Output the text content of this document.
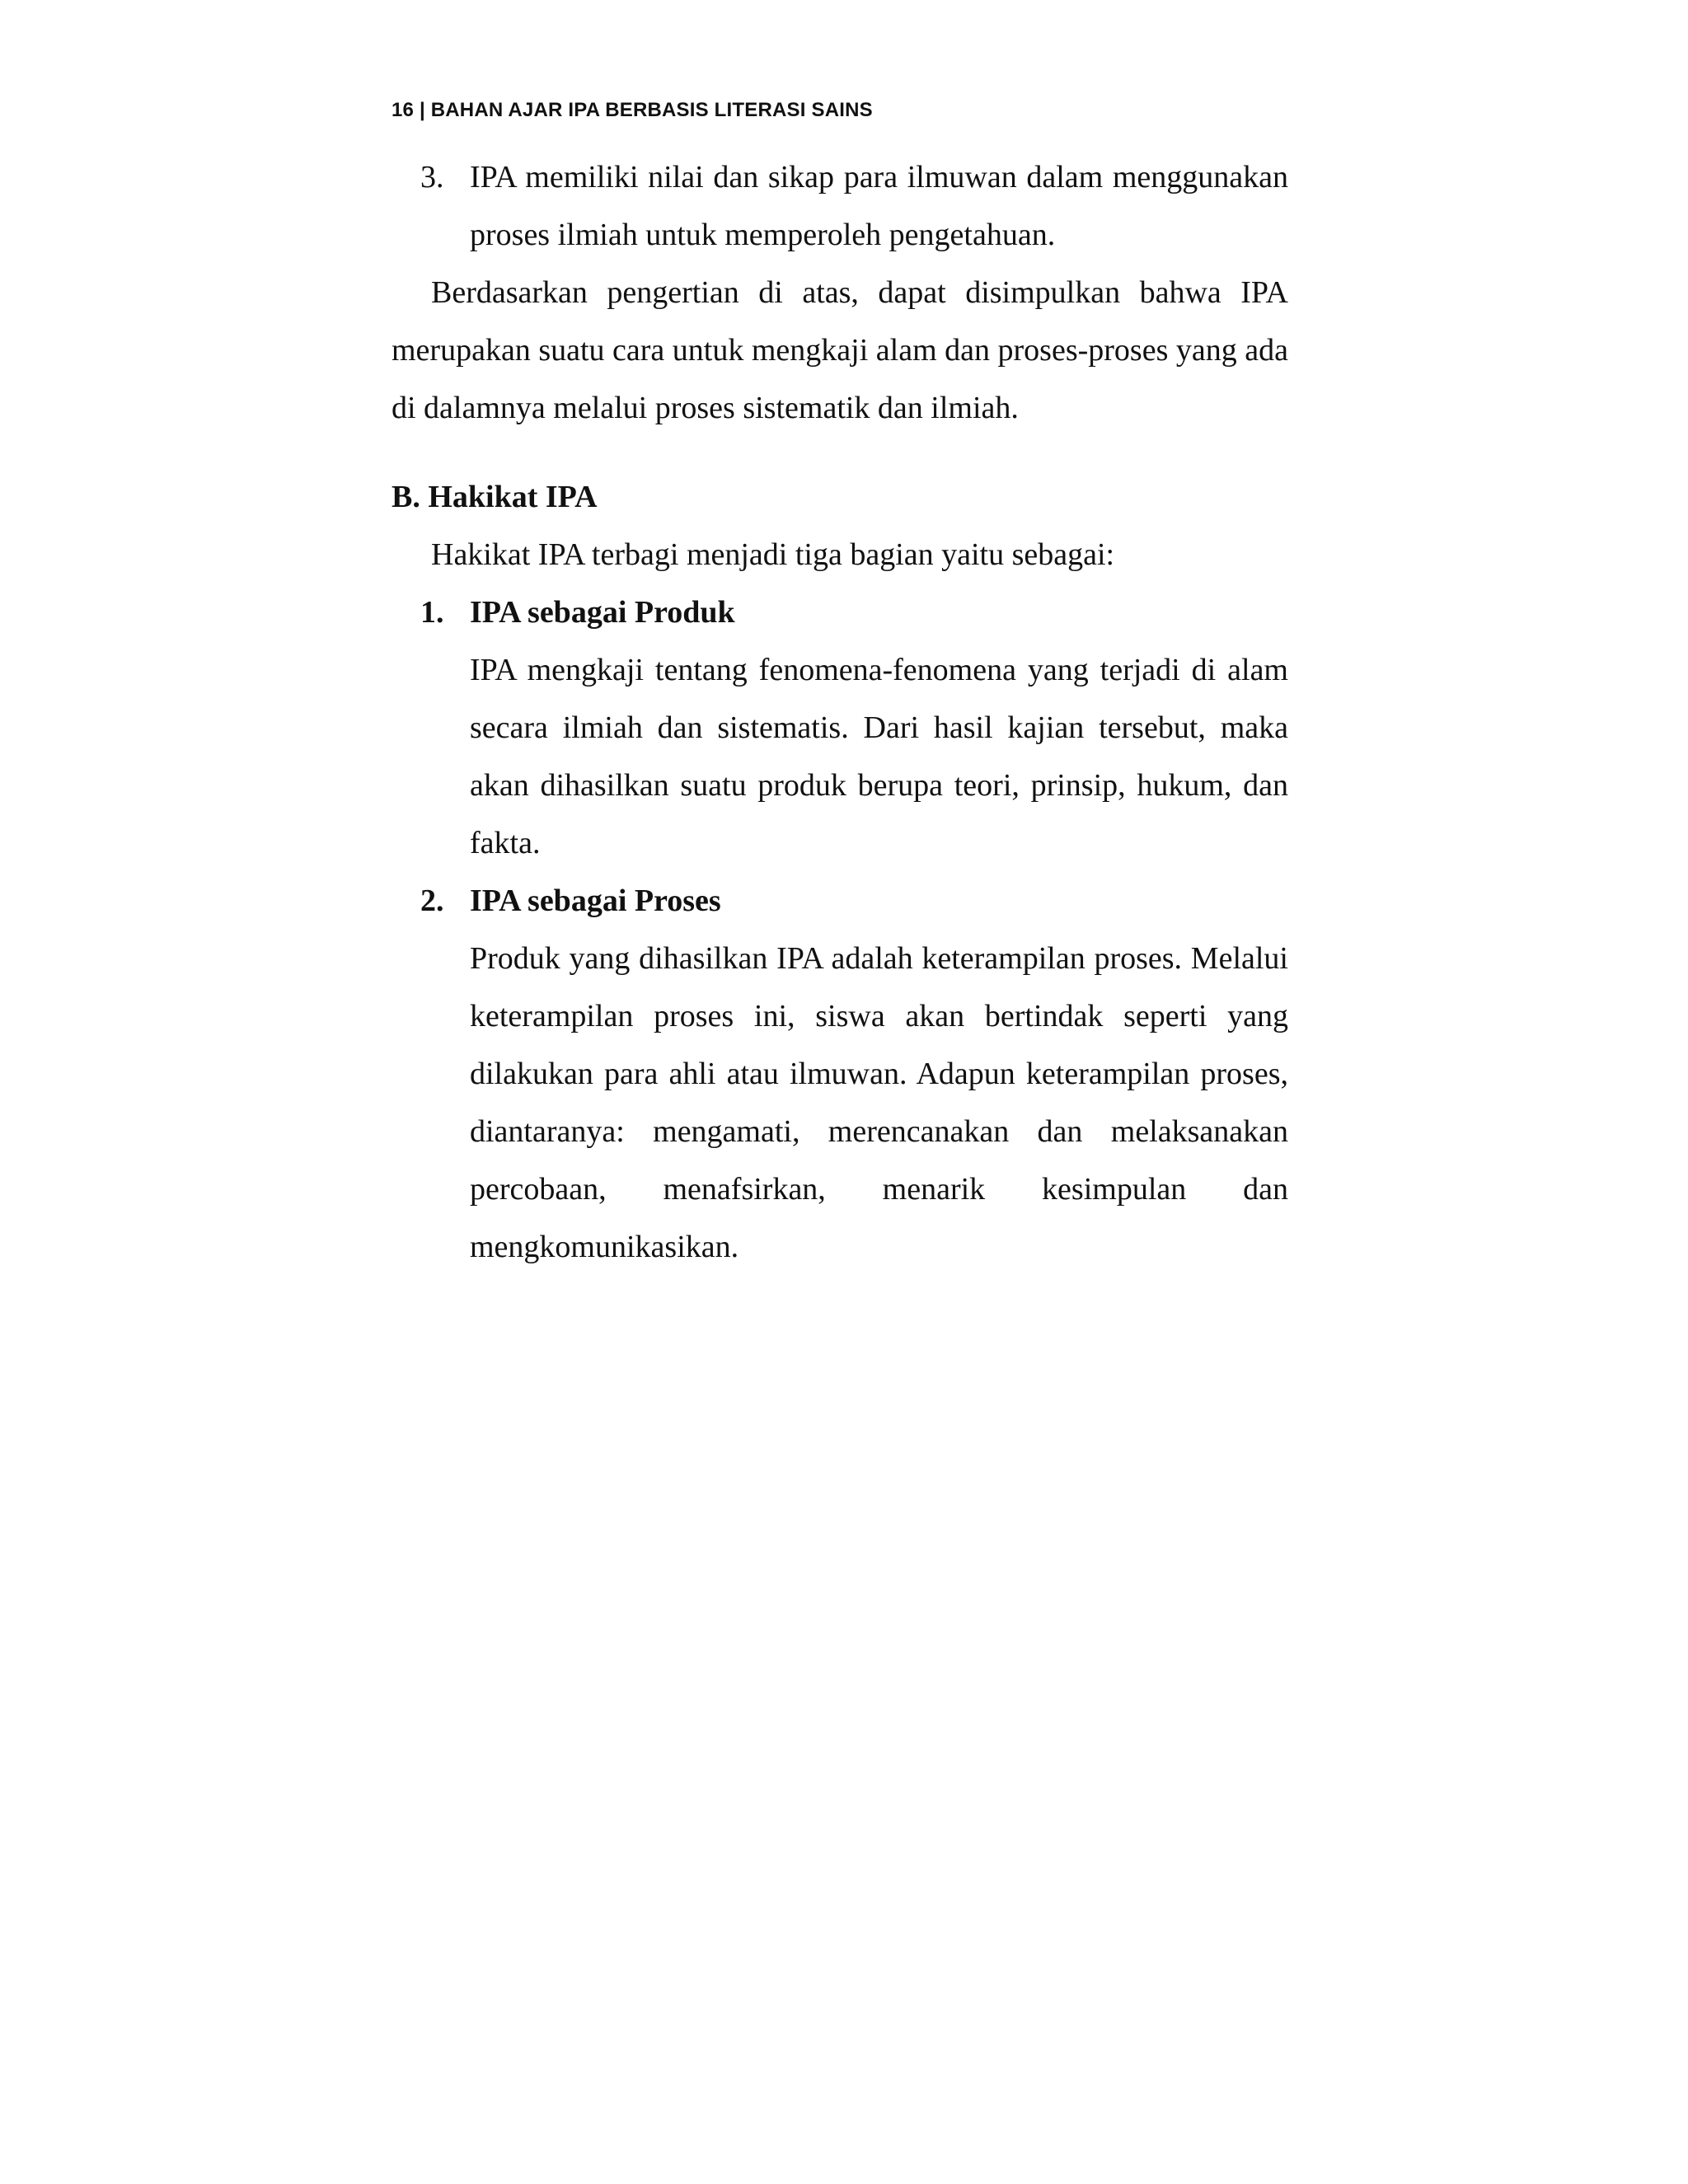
16 | BAHAN AJAR IPA BERBASIS LITERASI SAINS
3. IPA memiliki nilai dan sikap para ilmuwan dalam menggunakan proses ilmiah untuk memperoleh pengetahuan.
Berdasarkan pengertian di atas, dapat disimpulkan bahwa IPA merupakan suatu cara untuk mengkaji alam dan proses-proses yang ada di dalamnya melalui proses sistematik dan ilmiah.
B. Hakikat IPA
Hakikat IPA terbagi menjadi tiga bagian yaitu sebagai:
1. IPA sebagai Produk
IPA mengkaji tentang fenomena-fenomena yang terjadi di alam secara ilmiah dan sistematis. Dari hasil kajian tersebut, maka akan dihasilkan suatu produk berupa teori, prinsip, hukum, dan fakta.
2. IPA sebagai Proses
Produk yang dihasilkan IPA adalah keterampilan proses. Melalui keterampilan proses ini, siswa akan bertindak seperti yang dilakukan para ahli atau ilmuwan. Adapun keterampilan proses, diantaranya: mengamati, merencanakan dan melaksanakan percobaan, menafsirkan, menarik kesimpulan dan mengkomunikasikan.
